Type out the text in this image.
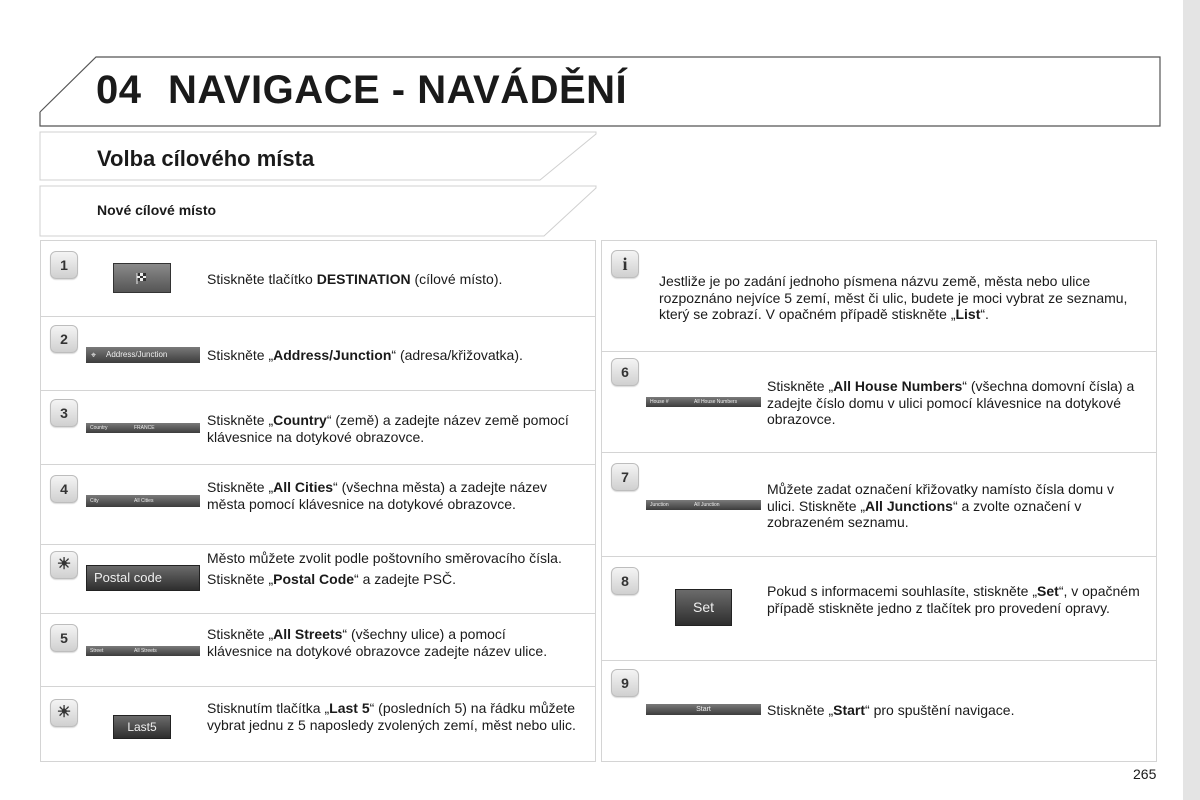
04 NAVIGACE - NAVÁDĚNÍ
Volba cílového místa
Nové cílové místo
1
Stiskněte tlačítko DESTINATION (cílové místo).
2
⌖ Address/Junction	Stiskněte „Address/Junction“ (adresa/křižovatka).
3
Country	FRANCE	Stiskněte „Country“ (země) a zadejte název země pomocí klávesnice na dotykové obrazovce.
4
City	All Cities
Stiskněte „All Cities“ (všechna města) a zadejte název města pomocí klávesnice na dotykové obrazovce.
☀
Postal code
Město můžete zvolit podle poštovního směrovacího čísla.
Stiskněte „Postal Code“ a zadejte PSČ.
5
Street	All Streets
Stiskněte „All Streets“ (všechny ulice) a pomocí klávesnice na dotykové obrazovce zadejte název ulice.
☀
Last5
Stisknutím tlačítka „Last 5“ (posledních 5) na řádku můžete vybrat jednu z 5 naposledy zvolených zemí, měst nebo ulic.
i
Jestliže je po zadání jednoho písmena názvu země, města nebo ulice rozpoznáno nejvíce 5 zemí, měst či ulic, budete je moci vybrat ze seznamu, který se zobrazí. V opačném případě stiskněte „List“.
6
House #	All House Numbers
Stiskněte „All House Numbers“ (všechna domovní čísla) a zadejte číslo domu v ulici pomocí klávesnice na dotykové obrazovce.
7
Junction	All Junction
Můžete zadat označení křižovatky namísto čísla domu v ulici. Stiskněte „All Junctions“ a zvolte označení v zobrazeném seznamu.
8
Set
Pokud s informacemi souhlasíte, stiskněte „Set“, v opačném případě stiskněte jedno z tlačítek pro provedení opravy.
9
Start	Stiskněte „Start“ pro spuštění navigace.
265
